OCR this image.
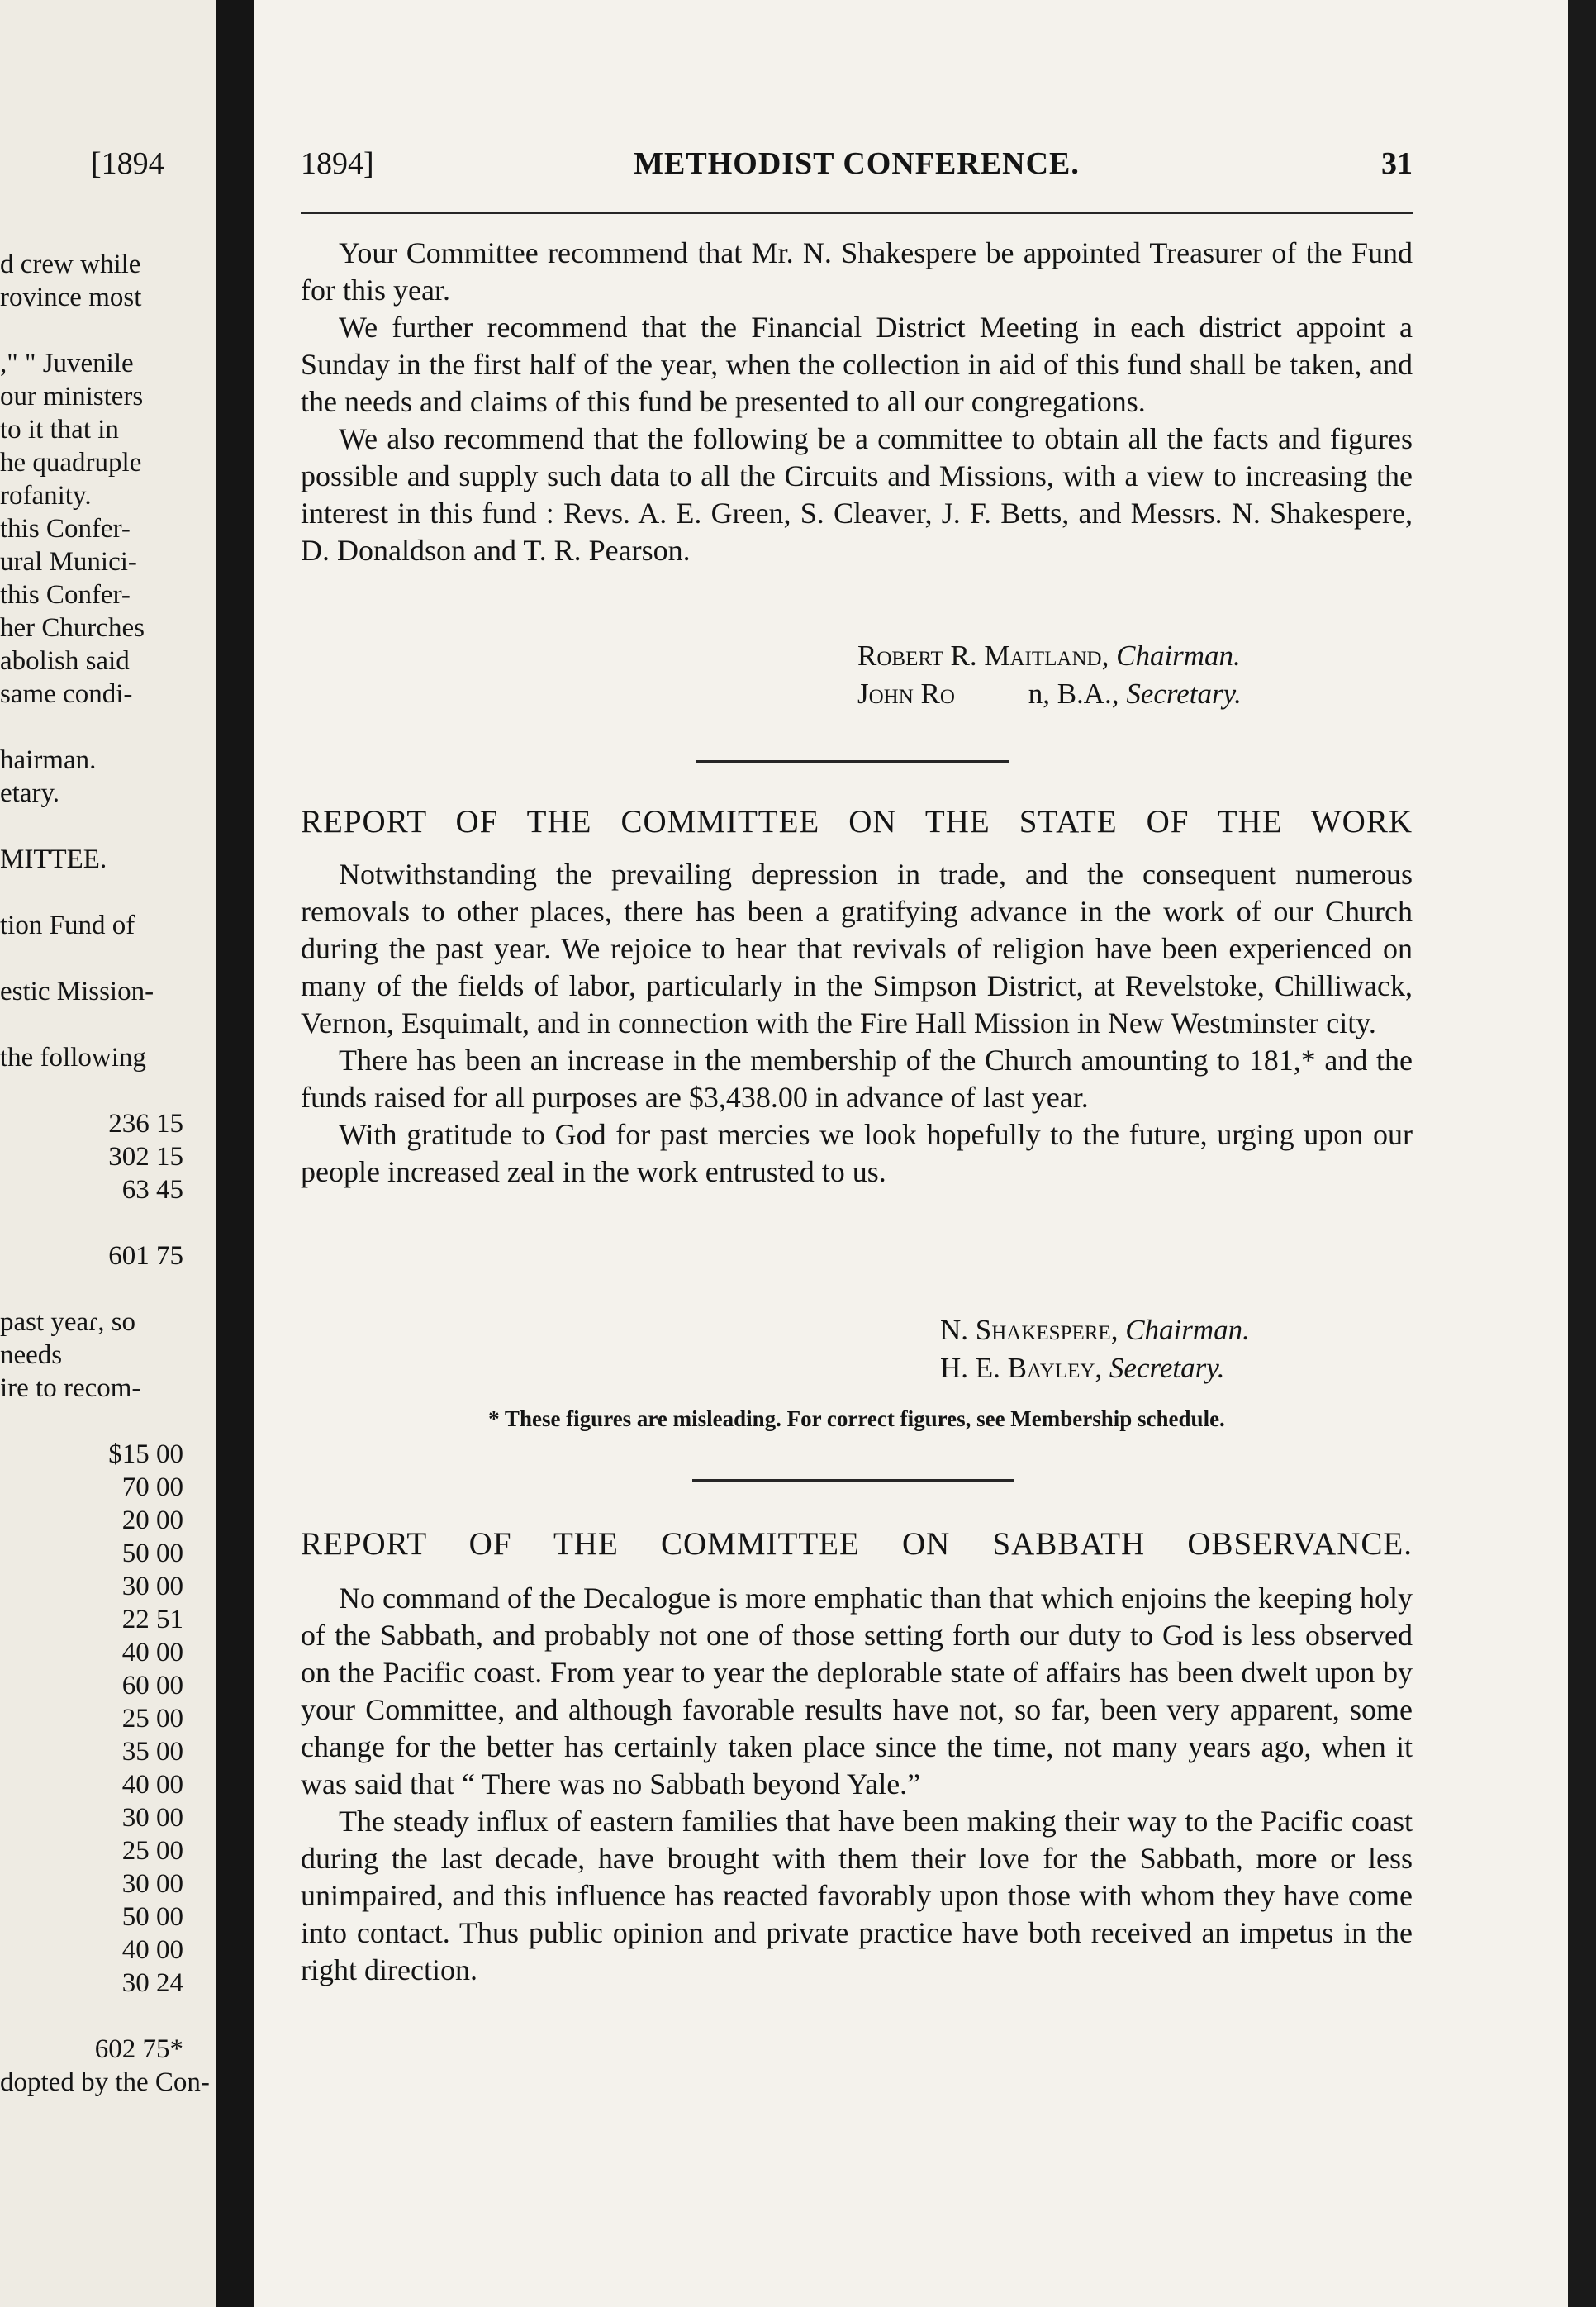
[1894
d crew while
rovince most
," " Juvenile
our ministers
to it that in
he quadruple
rofanity.
this Confer-
ural Munici-
this Confer-
her Churches
abolish said
same condi-
hairman.
etary.
MITTEE.
tion Fund of
estic Mission-
the following
236 15
302 15
63 45
601 75
past yeaɾ, so
needs
ire to recom-
$15 00
70 00
20 00
50 00
30 00
22 51
40 00
60 00
25 00
35 00
40 00
30 00
25 00
30 00
50 00
40 00
30 24
602 75*
dopted by the Con-
1894]	METHODIST CONFERENCE.	31

Your Committee recommend that Mr. N. Shakespere be appointed Treasurer of the Fund for this year.

We further recommend that the Financial District Meeting in each district appoint a Sunday in the first half of the year, when the collection in aid of this fund shall be taken, and the needs and claims of this fund be presented to all our congregations.

We also recommend that the following be a committee to obtain all the facts and figures possible and supply such data to all the Circuits and Missions, with a view to increasing the interest in this fund : Revs. A. E. Green, S. Cleaver, J. F. Betts, and Messrs. N. Shakespere, D. Donaldson and T. R. Pearson.

Robert R. Maitland, Chairman.
John Ro	n, B.A., Secretary.
REPORT OF THE COMMITTEE ON THE STATE OF THE WORK

Notwithstanding the prevailing depression in trade, and the consequent numerous removals to other places, there has been a gratifying advance in the work of our Church during the past year. We rejoice to hear that revivals of religion have been experienced on many of the fields of labor, particularly in the Simpson District, at Revelstoke, Chilliwack, Vernon, Esquimalt, and in connection with the Fire Hall Mission in New Westminster city.

There has been an increase in the membership of the Church amounting to 181,* and the funds raised for all purposes are $3,438.00 in advance of last year.

With gratitude to God for past mercies we look hopefully to the future, urging upon our people increased zeal in the work entrusted to us.

N. Shakespere, Chairman.
H. E. Bayley, Secretary.
* These figures are misleading. For correct figures, see Membership schedule.
REPORT OF THE COMMITTEE ON SABBATH OBSERVANCE.

No command of the Decalogue is more emphatic than that which enjoins the keeping holy of the Sabbath, and probably not one of those setting forth our duty to God is less observed on the Pacific coast. From year to year the deplorable state of affairs has been dwelt upon by your Committee, and although favorable results have not, so far, been very apparent, some change for the better has certainly taken place since the time, not many years ago, when it was said that “ There was no Sabbath beyond Yale.”

The steady influx of eastern families that have been making their way to the Pacific coast during the last decade, have brought with them their love for the Sabbath, more or less unimpaired, and this influence has reacted favorably upon those with whom they have come into contact. Thus public opinion and private practice have both received an impetus in the right direction.
